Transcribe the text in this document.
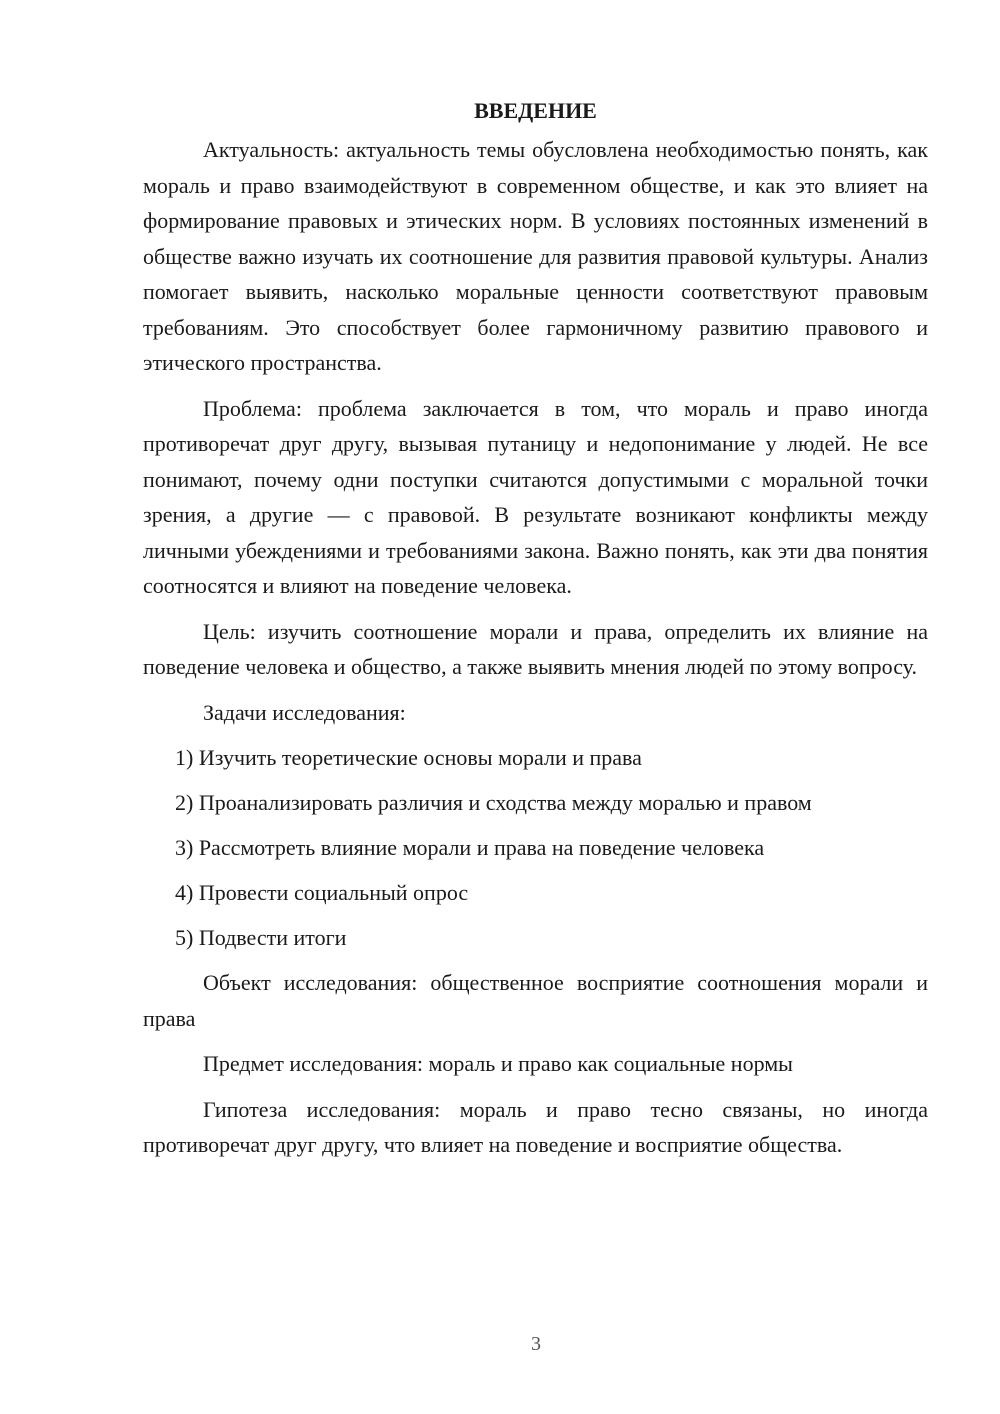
ВВЕДЕНИЕ

Актуальность: актуальность темы обусловлена необходимостью понять, как мораль и право взаимодействуют в современном обществе, и как это влияет на формирование правовых и этических норм. В условиях постоянных изменений в обществе важно изучать их соотношение для развития правовой культуры. Анализ помогает выявить, насколько моральные ценности соответствуют правовым требованиям. Это способствует более гармоничному развитию правового и этического пространства.

Проблема: проблема заключается в том, что мораль и право иногда противоречат друг другу, вызывая путаницу и недопонимание у людей. Не все понимают, почему одни поступки считаются допустимыми с моральной точки зрения, а другие — с правовой. В результате возникают конфликты между личными убеждениями и требованиями закона. Важно понять, как эти два понятия соотносятся и влияют на поведение человека.

Цель: изучить соотношение морали и права, определить их влияние на поведение человека и общество, а также выявить мнения людей по этому вопросу.

Задачи исследования:
1) Изучить теоретические основы морали и права
2) Проанализировать различия и сходства между моралью и правом
3) Рассмотреть влияние морали и права на поведение человека
4) Провести социальный опрос
5) Подвести итоги

Объект исследования: общественное восприятие соотношения морали и права

Предмет исследования: мораль и право как социальные нормы

Гипотеза исследования: мораль и право тесно связаны, но иногда противоречат друг другу, что влияет на поведение и восприятие общества.

3
